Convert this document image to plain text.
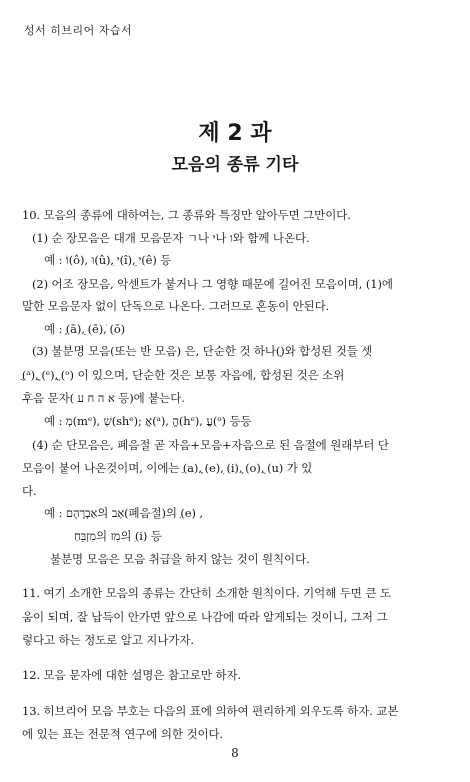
성서 히브리어 자습서
제 2 과
모음의 종류 기타
10. 모음의 종류에 대하여는, 그 종류와 특징만 알아두면 그만이다.
(1) 순 장모음은 대개 모음문자 ㄱ나 י나 ו와 함께 나온다.
예 : וֹ(ô), וּ(û), ִי(î), ֵי(ê) 등
(2) 어조 장모음, 악센트가 붙거나 그 영향 때문에 길어진 모음이며, (1)에
말한 모음문자 없이 단독으로 나온다. 그러므로 혼동이 안된다.
예 : ָ(ā), ֵ(ē), ֹ(ō)
(3) 불분명 모음(또는 반 모음) 은, 단순한 것 하나(ְ)와 합성된 것들 셋
ֲ(ᵃ), ֱ(ᵉ), ֳ(ᵒ) 이 있으며, 단순한 것은 보통 자음에, 합성된 것은 소위
후음 문자( א ה ח ע 등)에 붙는다.
예 : מְ(mᵉ), שְׁ(shᵉ); אֲ(ᵃ), הֱ(hᵉ), עֳ(ᵒ) 등등
(4) 순 단모음은, 폐음절 곧 자음+모음+자음으로 된 음절에 원래부터 단
모음이 붙어 나온것이며, 이에는 ַ(a), ֶ(e), ִ(i), ָ(o), ֻ(u) 가 있
다.
예 : אַבְרָהָם의 אַב(폐음절)의 ַ(e) ,
מִזְבֵּחַ의 מִז의 ִ(i) 등
불분명 모음은 모음 취급을 하지 않는 것이 원칙이다.
11. 여기 소개한 모음의 종류는 간단히 소개한 원칙이다. 기억해 두면 큰 도
움이 되며, 잘 납득이 안가면 앞으로 나감에 따라 알게되는 것이니, 그저 그
렇다고 하는 정도로 알고 지나가자.
12. 모음 문자에 대한 설명은 참고로만 하자.
13. 히브리어 모음 부호는 다음의 표에 의하여 편리하게 외우도록 하자. 교본
에 있는 표는 전문적 연구에 의한 것이다.
8
